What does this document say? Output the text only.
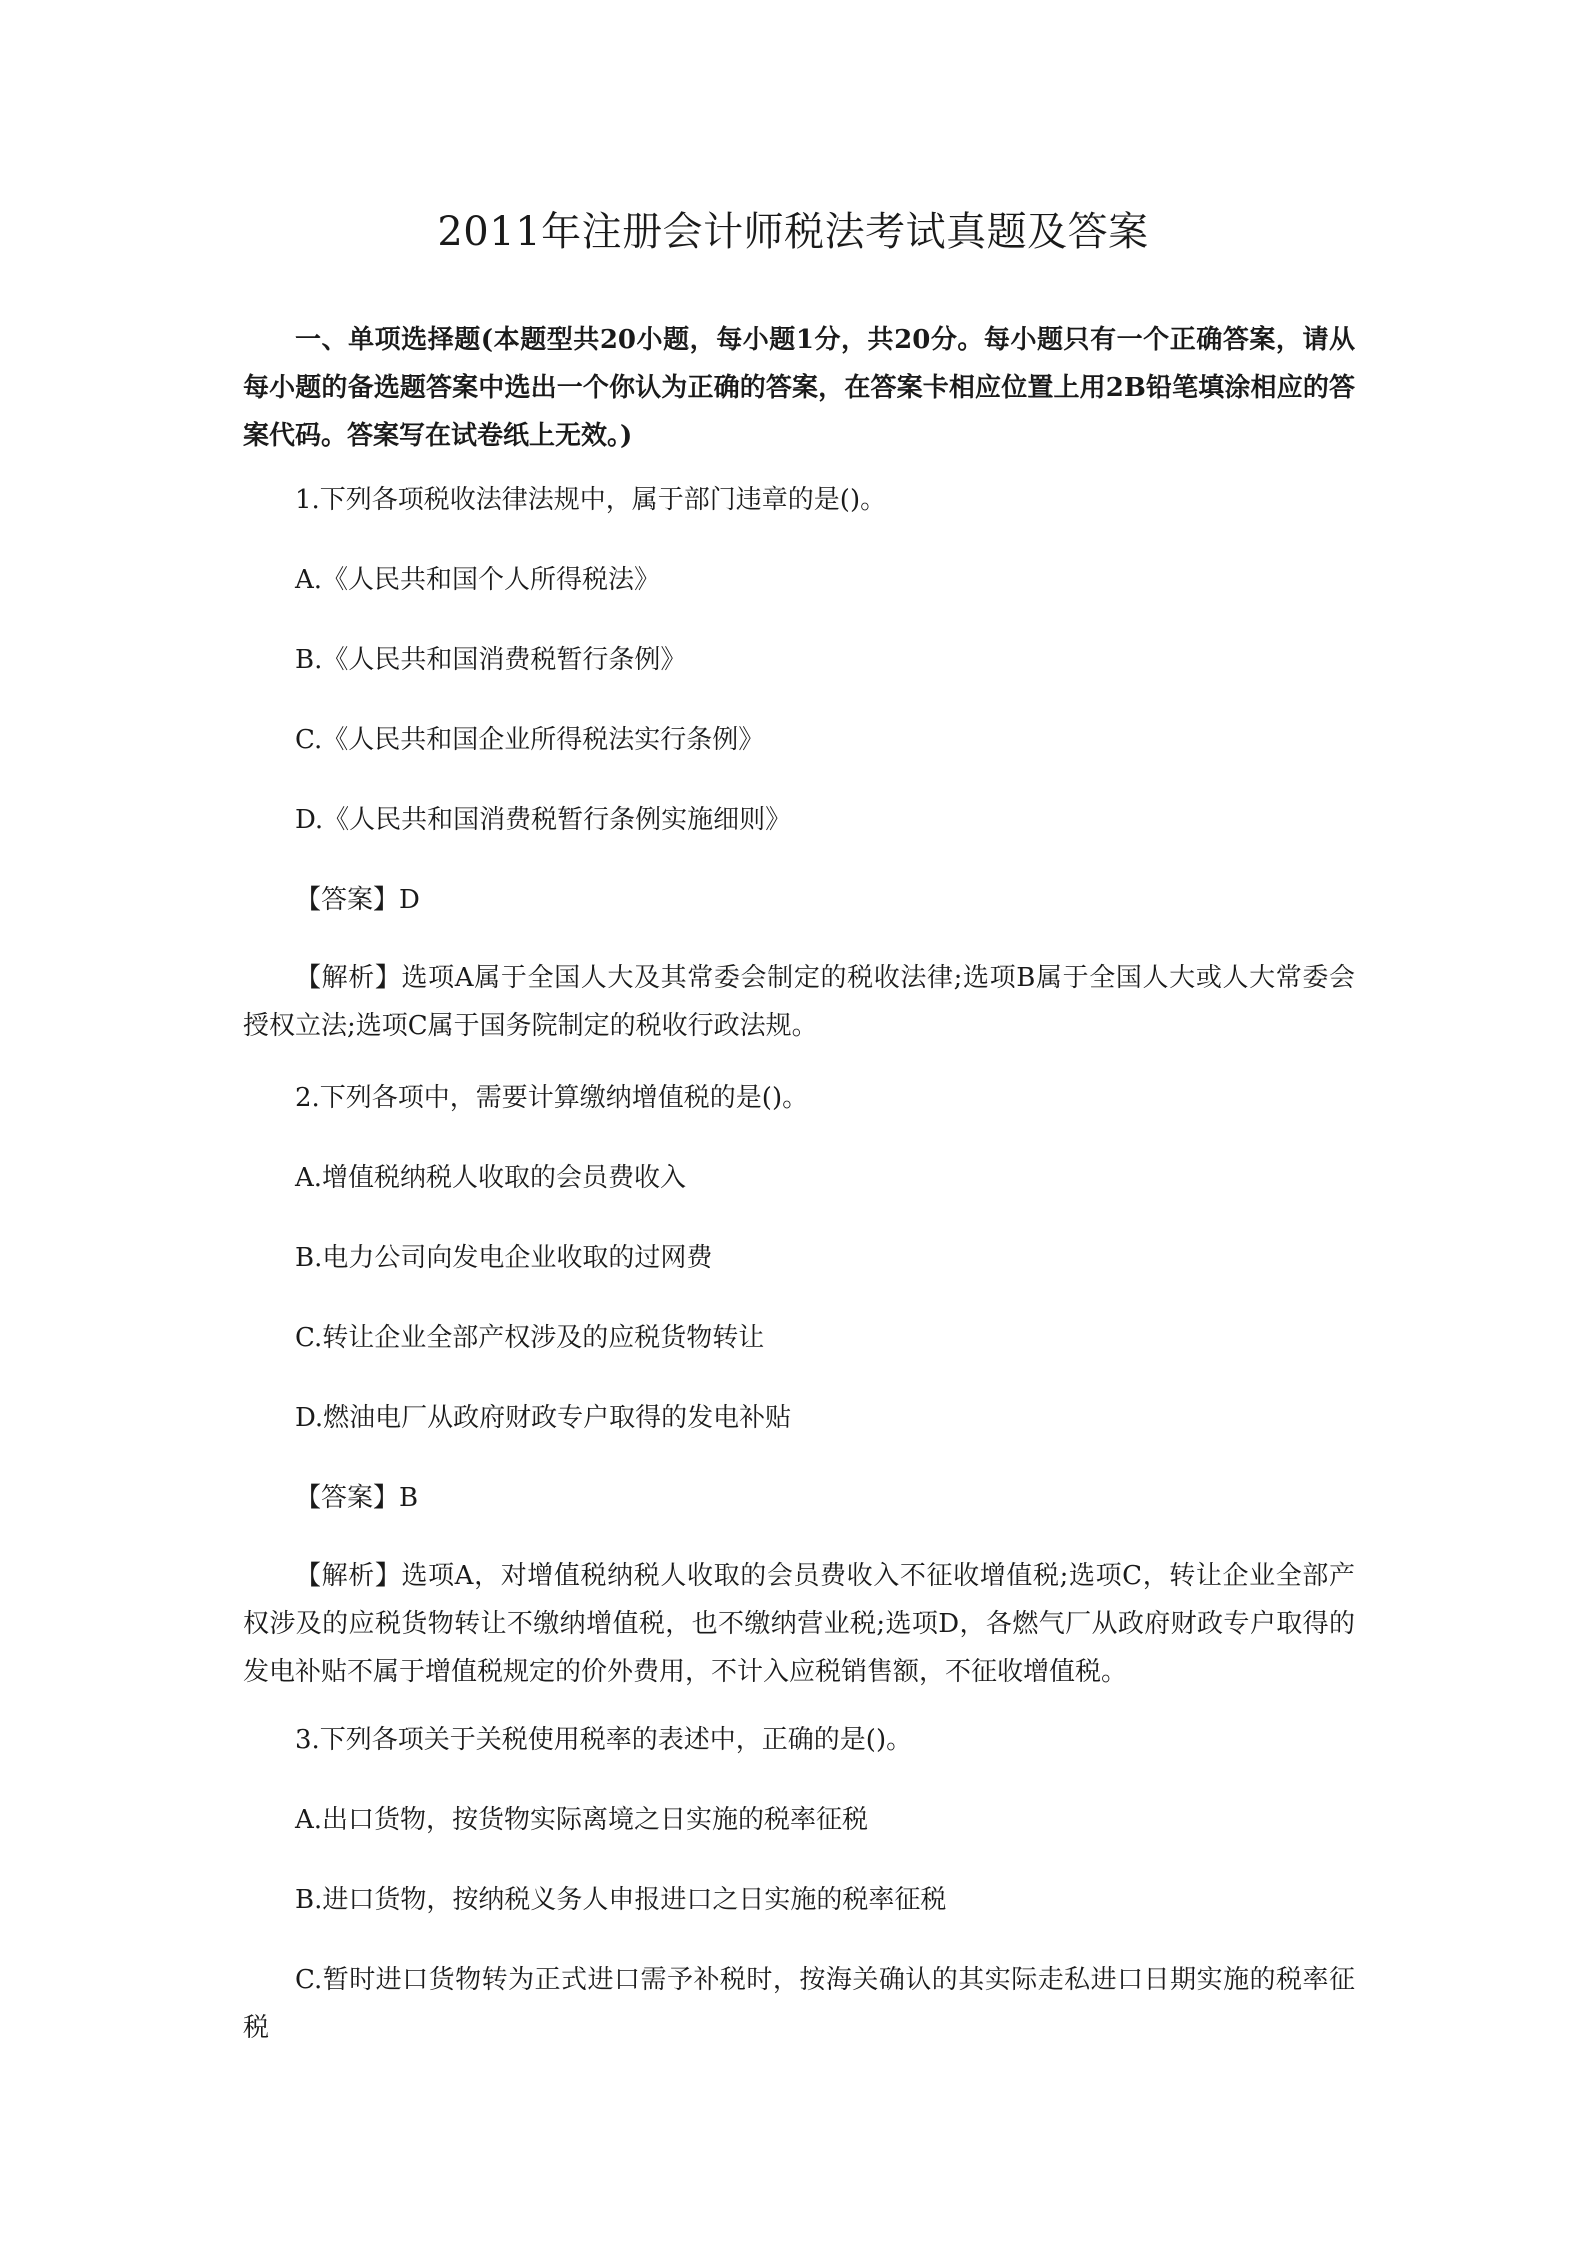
2011年注册会计师税法考试真题及答案

一、单项选择题(本题型共20小题，每小题1分，共20分。每小题只有一个正确答案，请从每小题的备选题答案中选出一个你认为正确的答案，在答案卡相应位置上用2B铅笔填涂相应的答案代码。答案写在试卷纸上无效。)

1.下列各项税收法律法规中，属于部门违章的是()。

A.《人民共和国个人所得税法》

B.《人民共和国消费税暂行条例》

C.《人民共和国企业所得税法实行条例》

D.《人民共和国消费税暂行条例实施细则》

【答案】D

【解析】选项A属于全国人大及其常委会制定的税收法律;选项B属于全国人大或人大常委会授权立法;选项C属于国务院制定的税收行政法规。

2.下列各项中，需要计算缴纳增值税的是()。

A.增值税纳税人收取的会员费收入

B.电力公司向发电企业收取的过网费

C.转让企业全部产权涉及的应税货物转让

D.燃油电厂从政府财政专户取得的发电补贴

【答案】B

【解析】选项A，对增值税纳税人收取的会员费收入不征收增值税;选项C，转让企业全部产权涉及的应税货物转让不缴纳增值税，也不缴纳营业税;选项D，各燃气厂从政府财政专户取得的发电补贴不属于增值税规定的价外费用，不计入应税销售额，不征收增值税。

3.下列各项关于关税使用税率的表述中，正确的是()。

A.出口货物，按货物实际离境之日实施的税率征税

B.进口货物，按纳税义务人申报进口之日实施的税率征税

C.暂时进口货物转为正式进口需予补税时，按海关确认的其实际走私进口日期实施的税率征税
